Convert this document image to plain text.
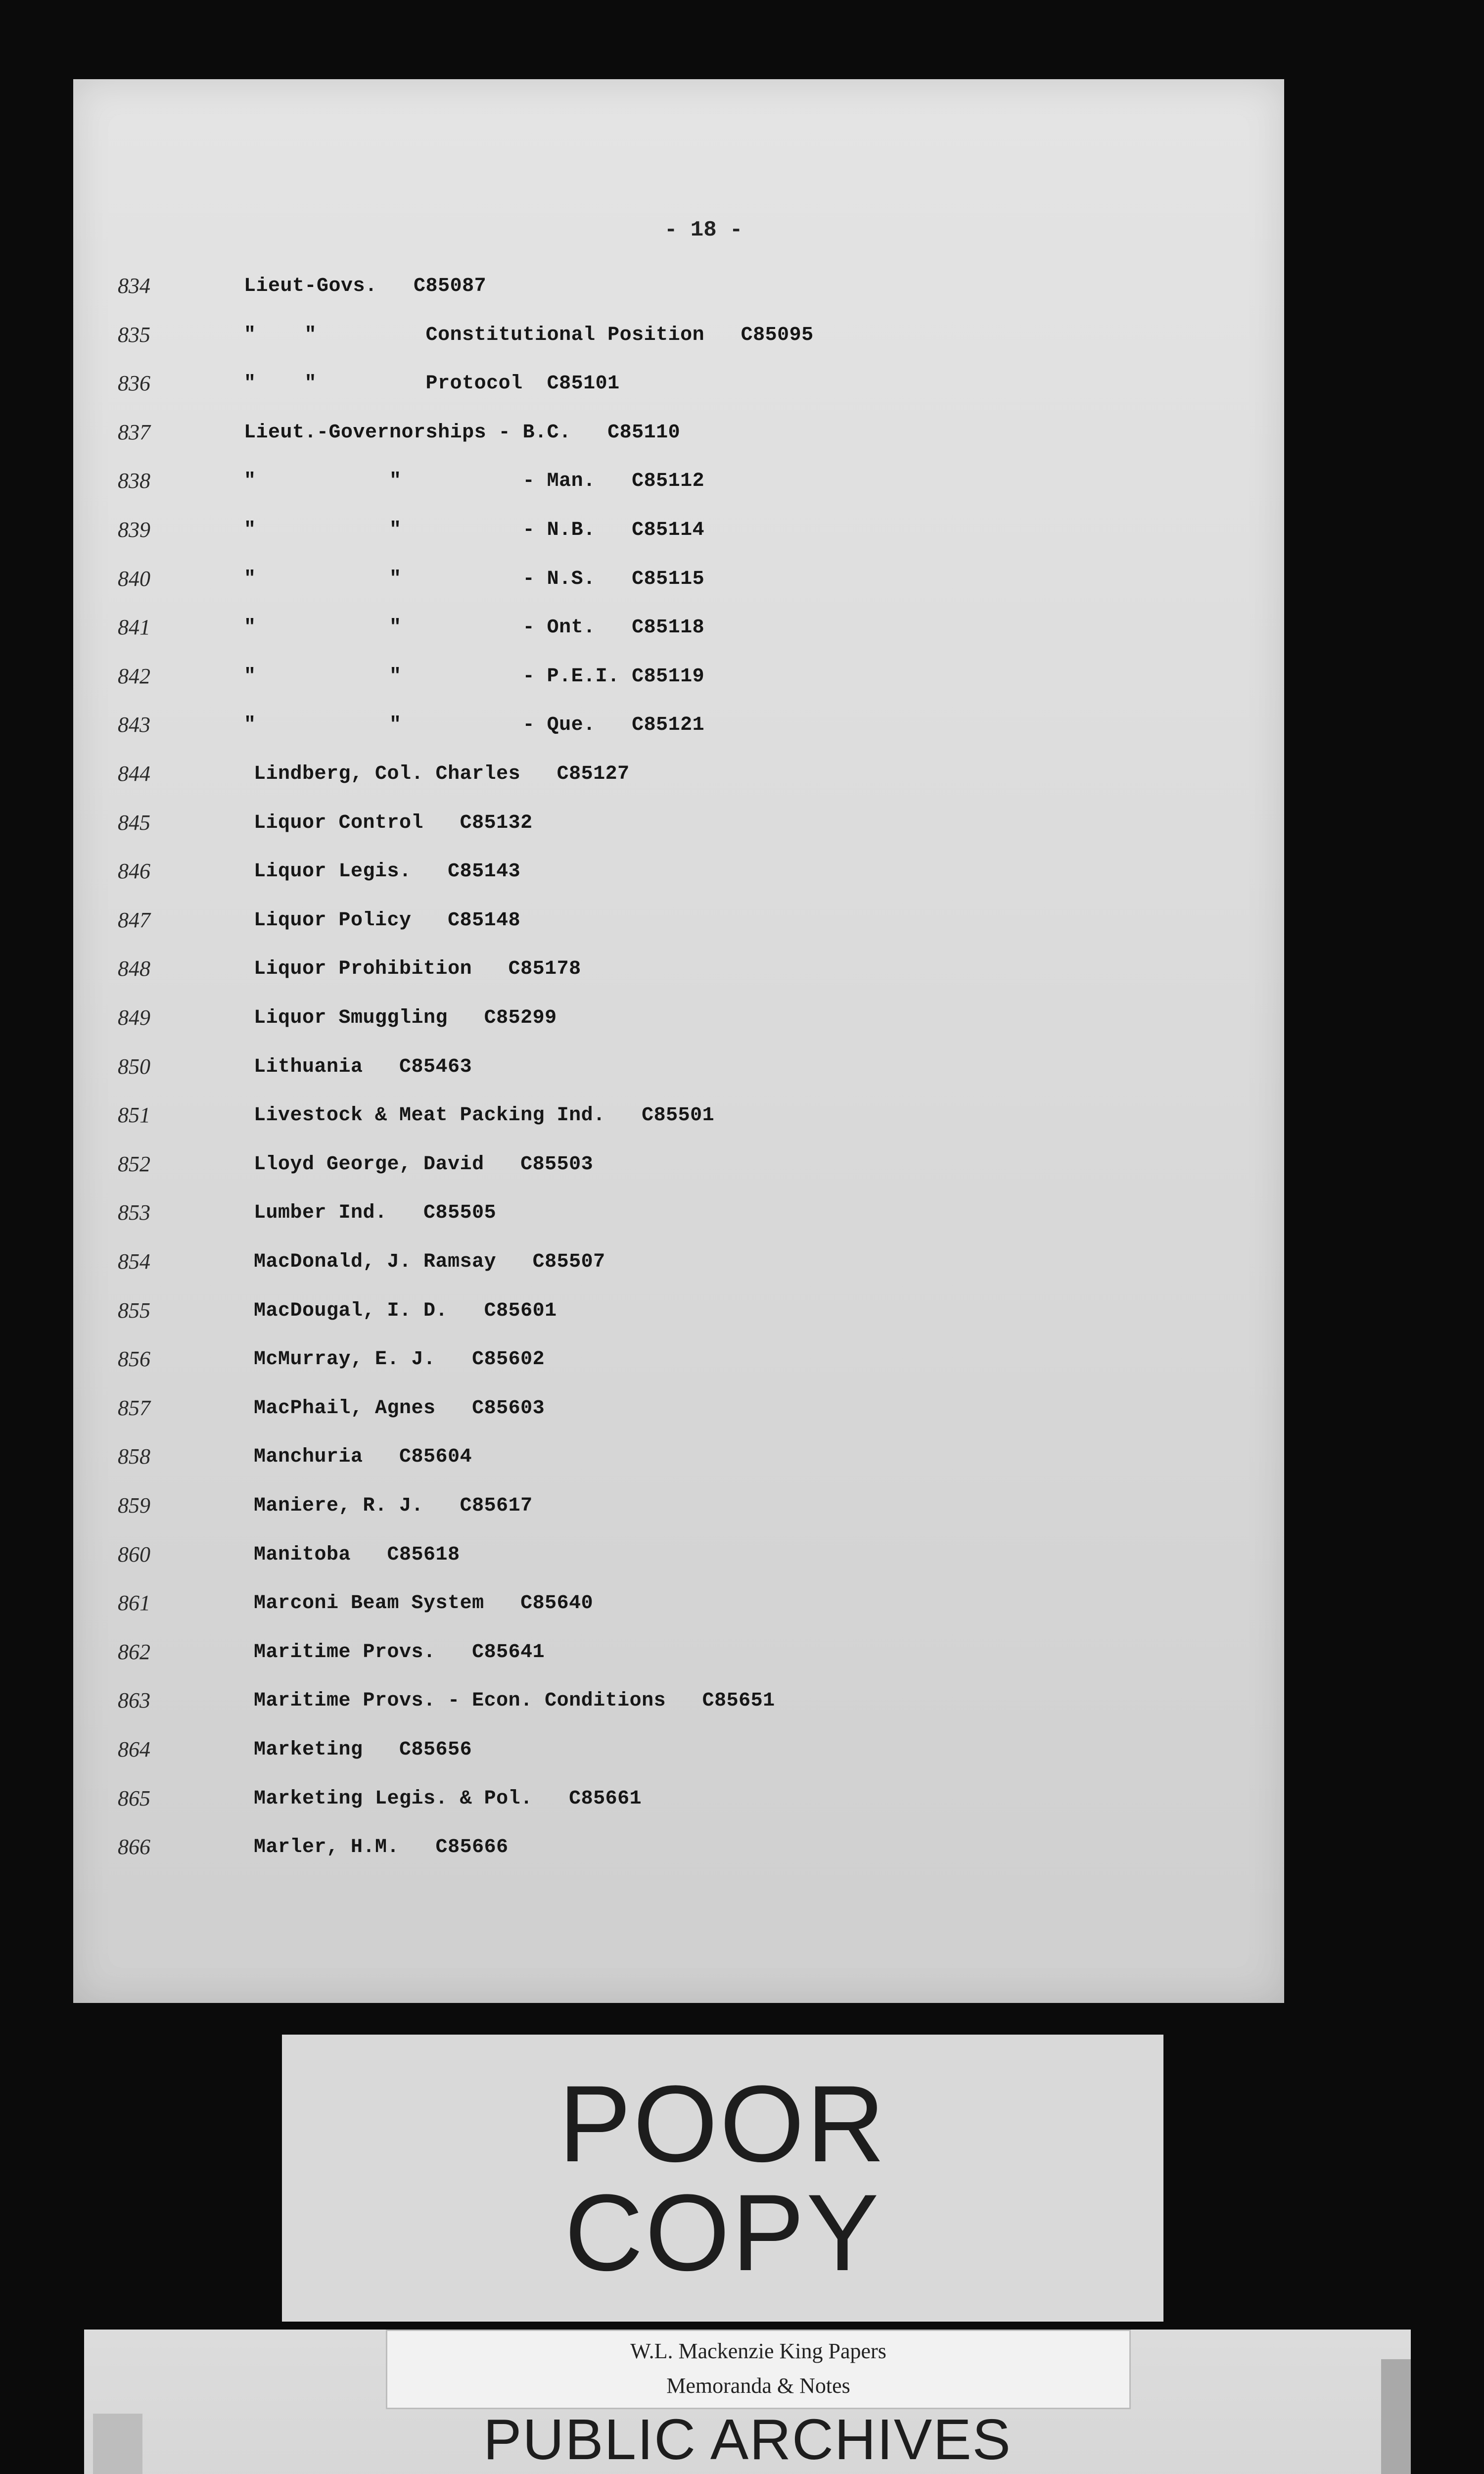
- 18 -
834	Lieut-Govs.   C85087
835	"    "         Constitutional Position   C85095
836	"    "         Protocol  C85101
837	Lieut.-Governorships - B.C.   C85110
838	"           "          - Man.   C85112
839	"           "          - N.B.   C85114
840	"           "          - N.S.   C85115
841	"           "          - Ont.   C85118
842	"           "          - P.E.I. C85119
843	"           "          - Que.   C85121
844	Lindberg, Col. Charles   C85127
845	Liquor Control   C85132
846	Liquor Legis.   C85143
847	Liquor Policy   C85148
848	Liquor Prohibition   C85178
849	Liquor Smuggling   C85299
850	Lithuania   C85463
851	Livestock & Meat Packing Ind.   C85501
852	Lloyd George, David   C85503
853	Lumber Ind.   C85505
854	MacDonald, J. Ramsay   C85507
855	MacDougal, I. D.   C85601
856	McMurray, E. J.   C85602
857	MacPhail, Agnes   C85603
858	Manchuria   C85604
859	Maniere, R. J.   C85617
860	Manitoba   C85618
861	Marconi Beam System   C85640
862	Maritime Provs.   C85641
863	Maritime Provs. - Econ. Conditions   C85651
864	Marketing   C85656
865	Marketing Legis. & Pol.   C85661
866	Marler, H.M.   C85666
POOR
COPY
W.L. Mackenzie King Papers
Memoranda & Notes
PUBLIC ARCHIVES
